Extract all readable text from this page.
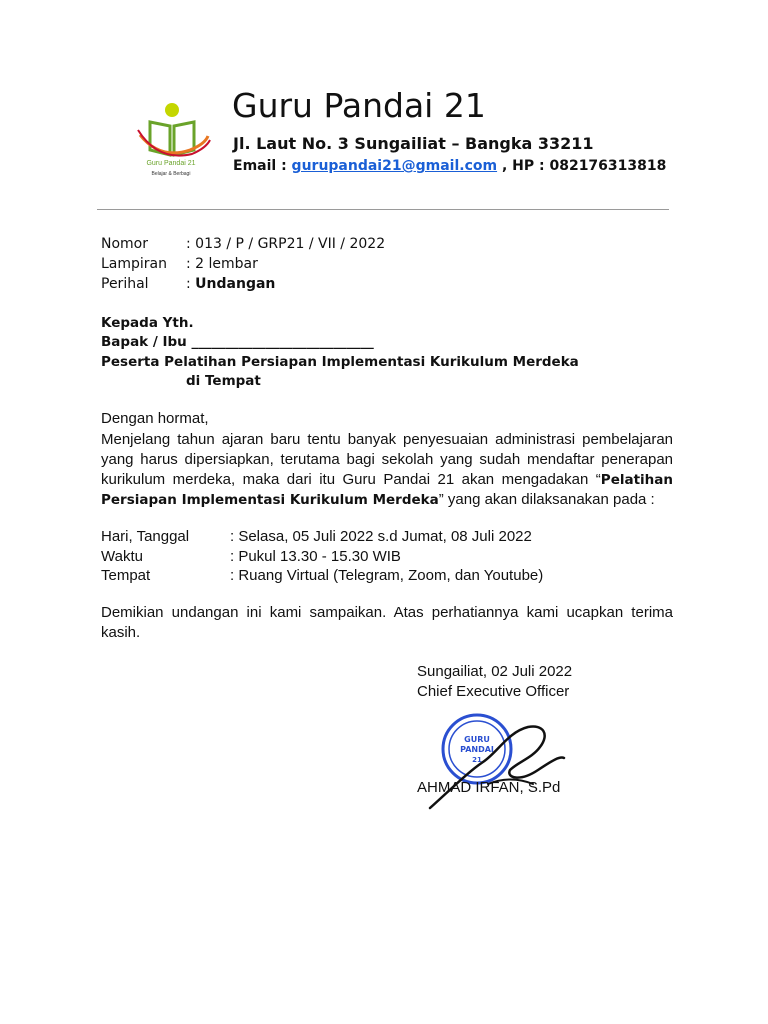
Guru Pandai 21
Belajar & Berbagi
Guru Pandai 21
Jl. Laut No. 3 Sungailiat – Bangka 33211
Email : gurupandai21@gmail.com , HP : 082176313818
Nomor	: 013 / P / GRP21 / VII / 2022
Lampiran : 2 lembar
Perihal	: Undangan
Kepada Yth.
Bapak / Ibu ___________________________
Peserta Pelatihan Persiapan Implementasi Kurikulum Merdeka
di Tempat
Dengan hormat,
Menjelang tahun ajaran baru tentu banyak penyesuaian administrasi pembelajaran yang harus dipersiapkan, terutama bagi sekolah yang sudah mendaftar penerapan kurikulum merdeka, maka dari itu Guru Pandai 21 akan mengadakan “Pelatihan Persiapan Implementasi Kurikulum Merdeka” yang akan dilaksanakan pada :
Hari, Tanggal	: Selasa, 05 Juli 2022 s.d Jumat, 08 Juli 2022
Waktu	: Pukul 13.30 - 15.30 WIB
Tempat	: Ruang Virtual (Telegram, Zoom, dan Youtube)
Demikian undangan ini kami sampaikan. Atas perhatiannya kami ucapkan terima kasih.
Sungailiat, 02 Juli 2022
Chief Executive Officer
GURU
PANDAI
21
AHMAD IRFAN, S.Pd
